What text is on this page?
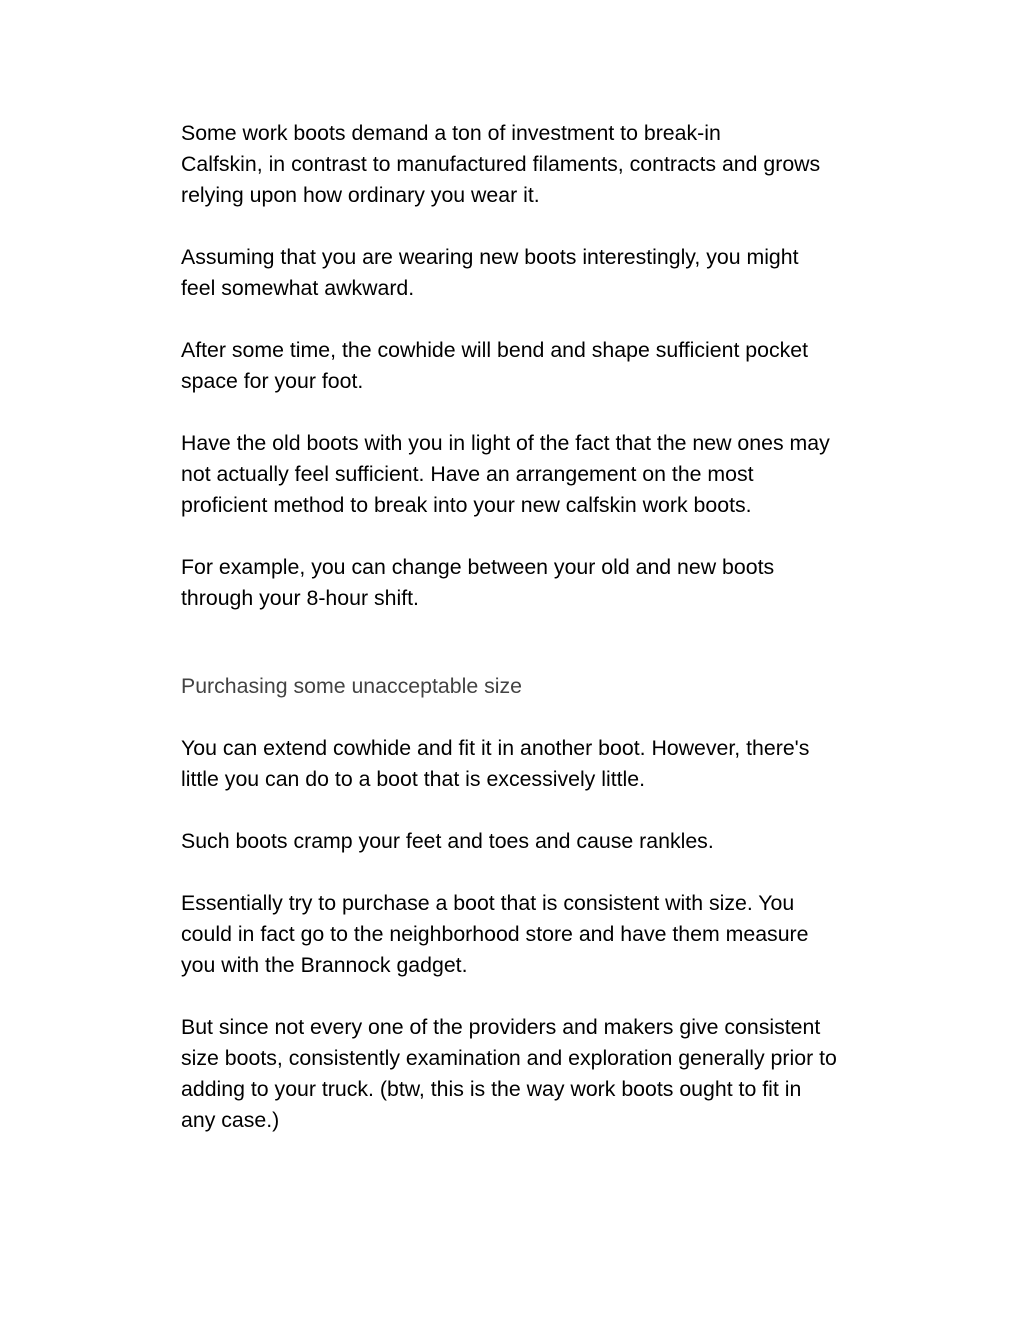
Some work boots demand a ton of investment to break-in
Calfskin, in contrast to manufactured filaments, contracts and grows
relying upon how ordinary you wear it.

Assuming that you are wearing new boots interestingly, you might
feel somewhat awkward.

After some time, the cowhide will bend and shape sufficient pocket
space for your foot.

Have the old boots with you in light of the fact that the new ones may
not actually feel sufficient. Have an arrangement on the most
proficient method to break into your new calfskin work boots.

For example, you can change between your old and new boots
through your 8-hour shift.

Purchasing some unacceptable size

You can extend cowhide and fit it in another boot. However, there's
little you can do to a boot that is excessively little.

Such boots cramp your feet and toes and cause rankles.

Essentially try to purchase a boot that is consistent with size. You
could in fact go to the neighborhood store and have them measure
you with the Brannock gadget.

But since not every one of the providers and makers give consistent
size boots, consistently examination and exploration generally prior to
adding to your truck. (btw, this is the way work boots ought to fit in
any case.)
